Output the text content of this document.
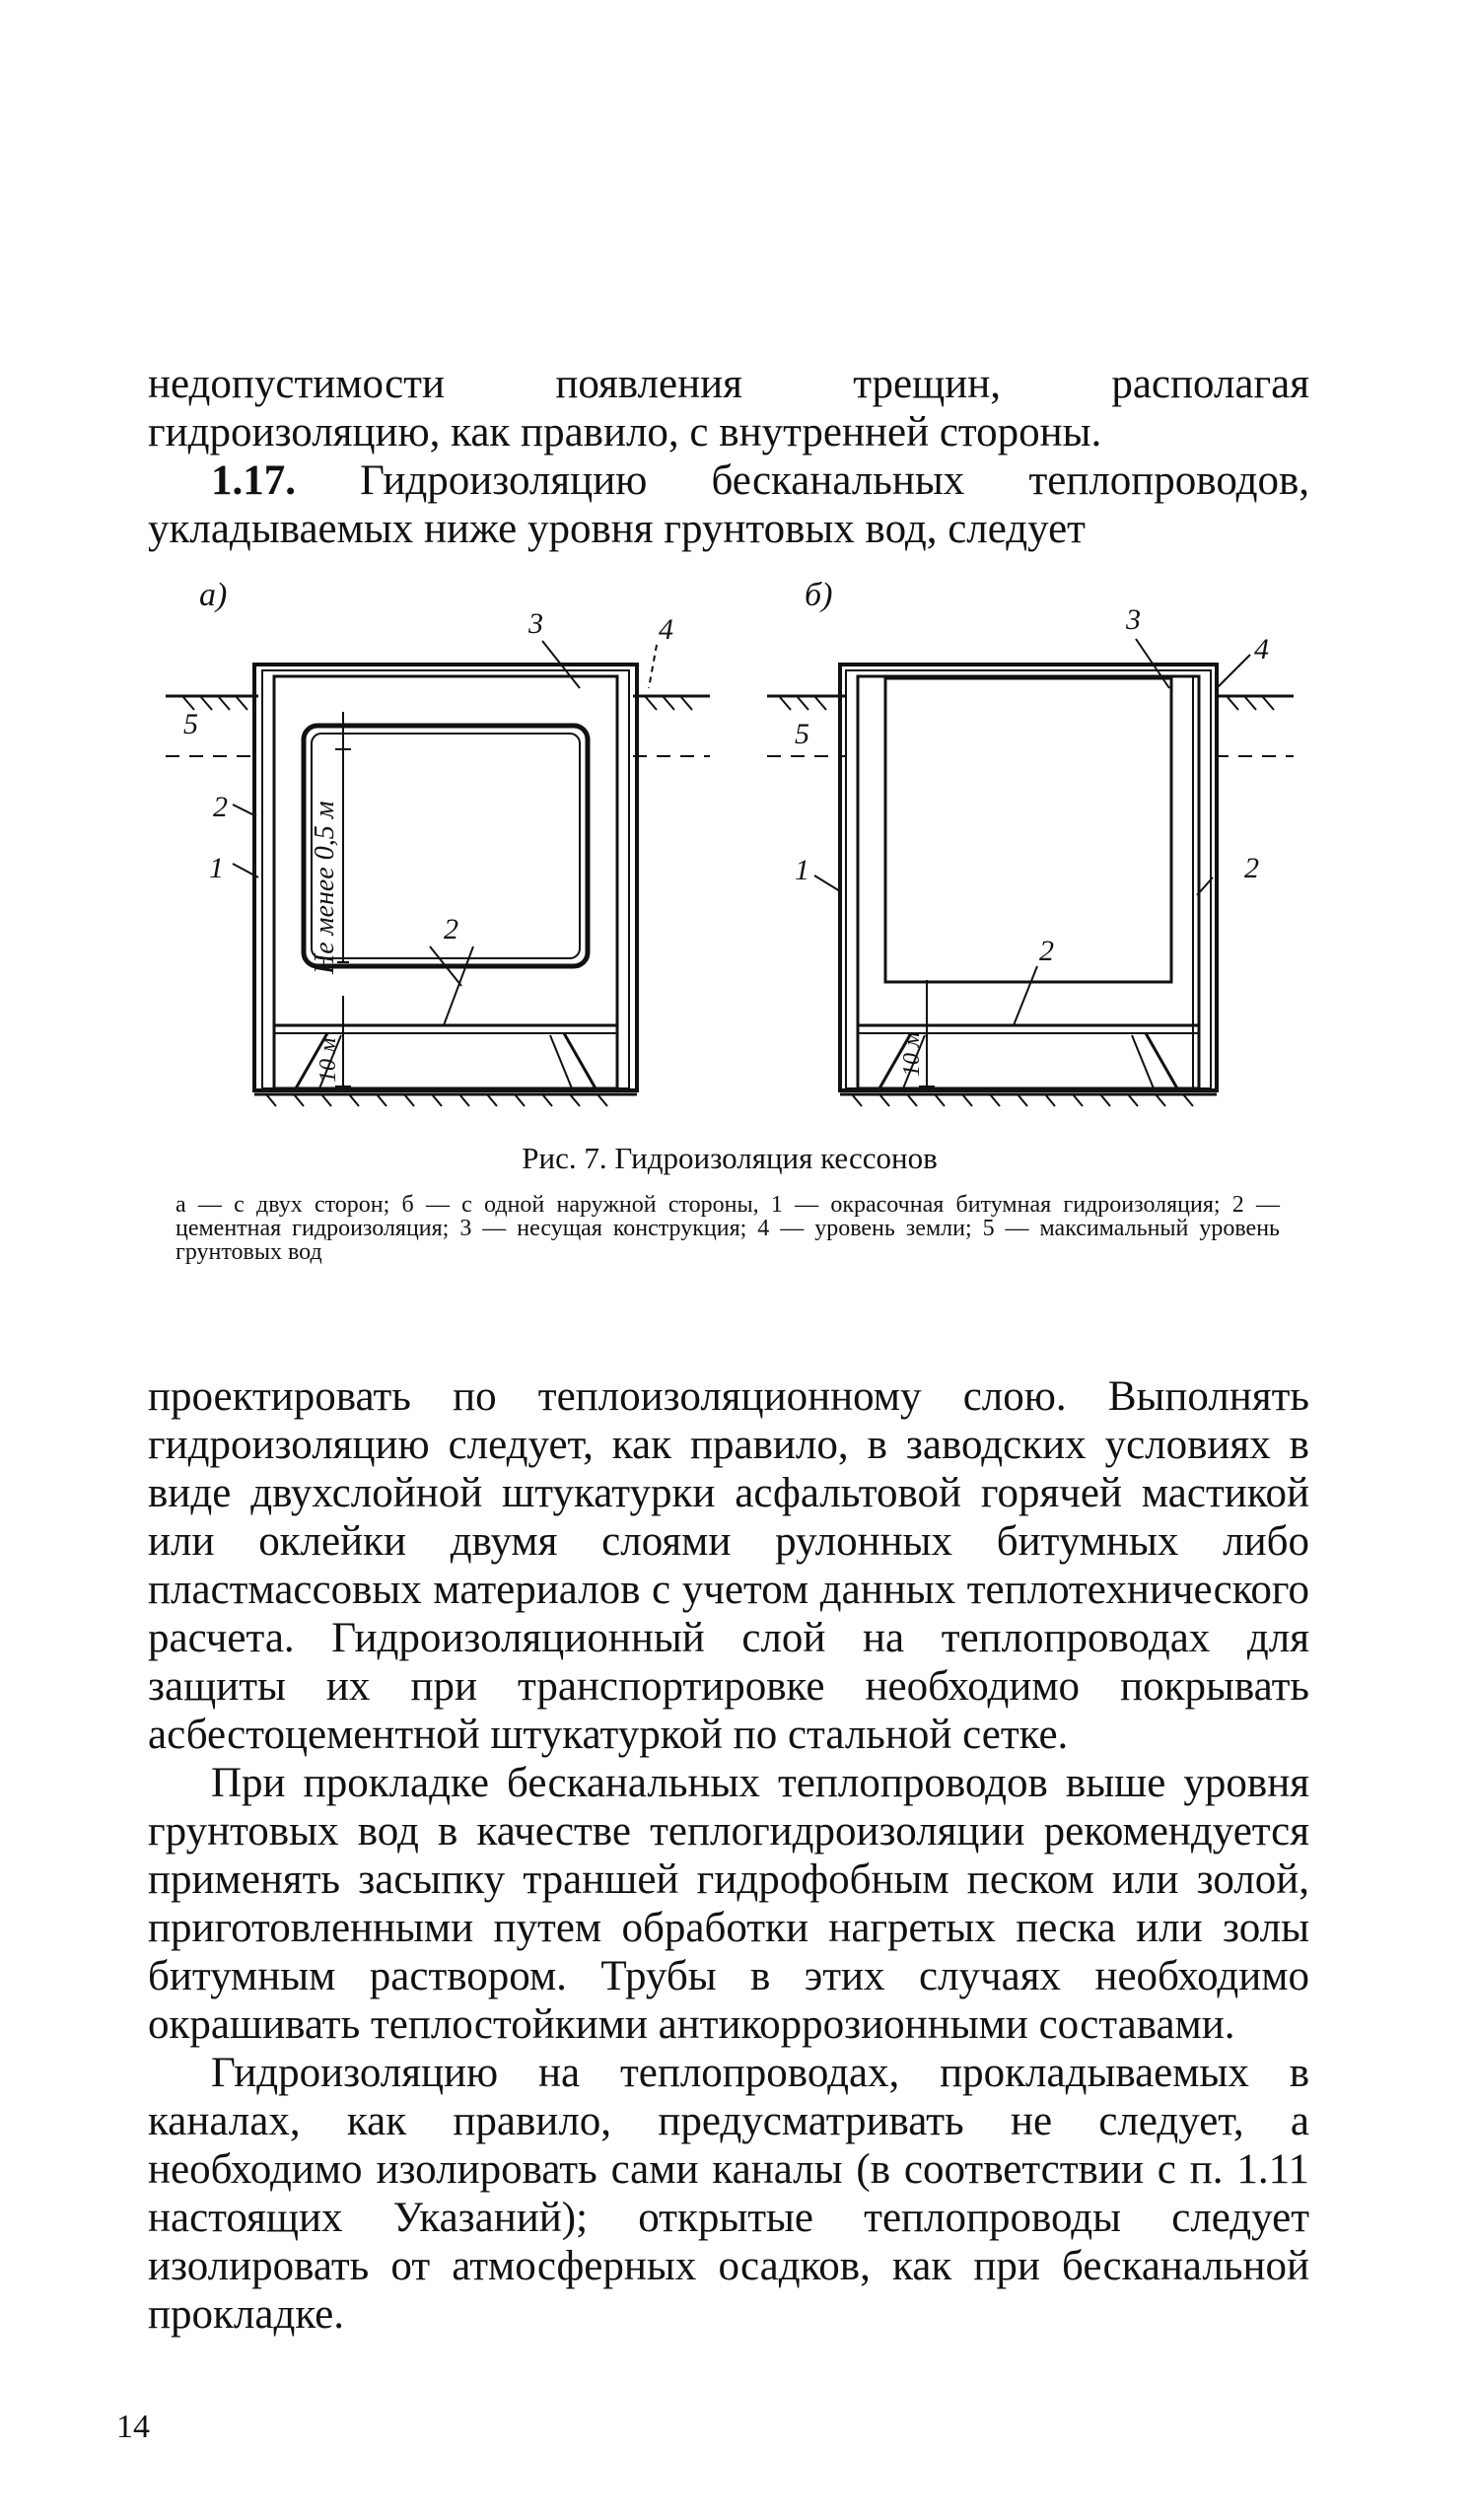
недопустимости появления трещин, располагая гидроизоляцию, как правило, с внутренней стороны.

1.17. Гидроизоляцию бесканальных теплопроводов, укладываемых ниже уровня грунтовых вод, следует

а)
3	4
5
2
1
2
Не менее 0,5 м
10 м
б)
3
4
5
1	2
2
10 м
Рис. 7. Гидроизоляция кессонов
а — с двух сторон; б — с одной наружной стороны, 1 — окрасочная битумная гидроизоляция; 2 — цементная гидроизоляция; 3 — несущая конструкция; 4 — уровень земли; 5 — максимальный уровень грунтовых вод

проектировать по теплоизоляционному слою. Выполнять гидроизоляцию следует, как правило, в заводских условиях в виде двухслойной штукатурки асфальтовой горячей мастикой или оклейки двумя слоями рулонных битумных либо пластмассовых материалов с учетом данных теплотехнического расчета. Гидроизоляционный слой на теплопроводах для защиты их при транспортировке необходимо покрывать асбестоцементной штукатуркой по стальной сетке.

При прокладке бесканальных теплопроводов выше уровня грунтовых вод в качестве теплогидроизоляции рекомендуется применять засыпку траншей гидрофобным песком или золой, приготовленными путем обработки нагретых песка или золы битумным раствором. Трубы в этих случаях необходимо окрашивать теплостойкими антикоррозионными составами.

Гидроизоляцию на теплопроводах, прокладываемых в каналах, как правило, предусматривать не следует, а необходимо изолировать сами каналы (в соответствии с п. 1.11 настоящих Указаний); открытые теплопроводы следует изолировать от атмосферных осадков, как при бесканальной прокладке.

14
